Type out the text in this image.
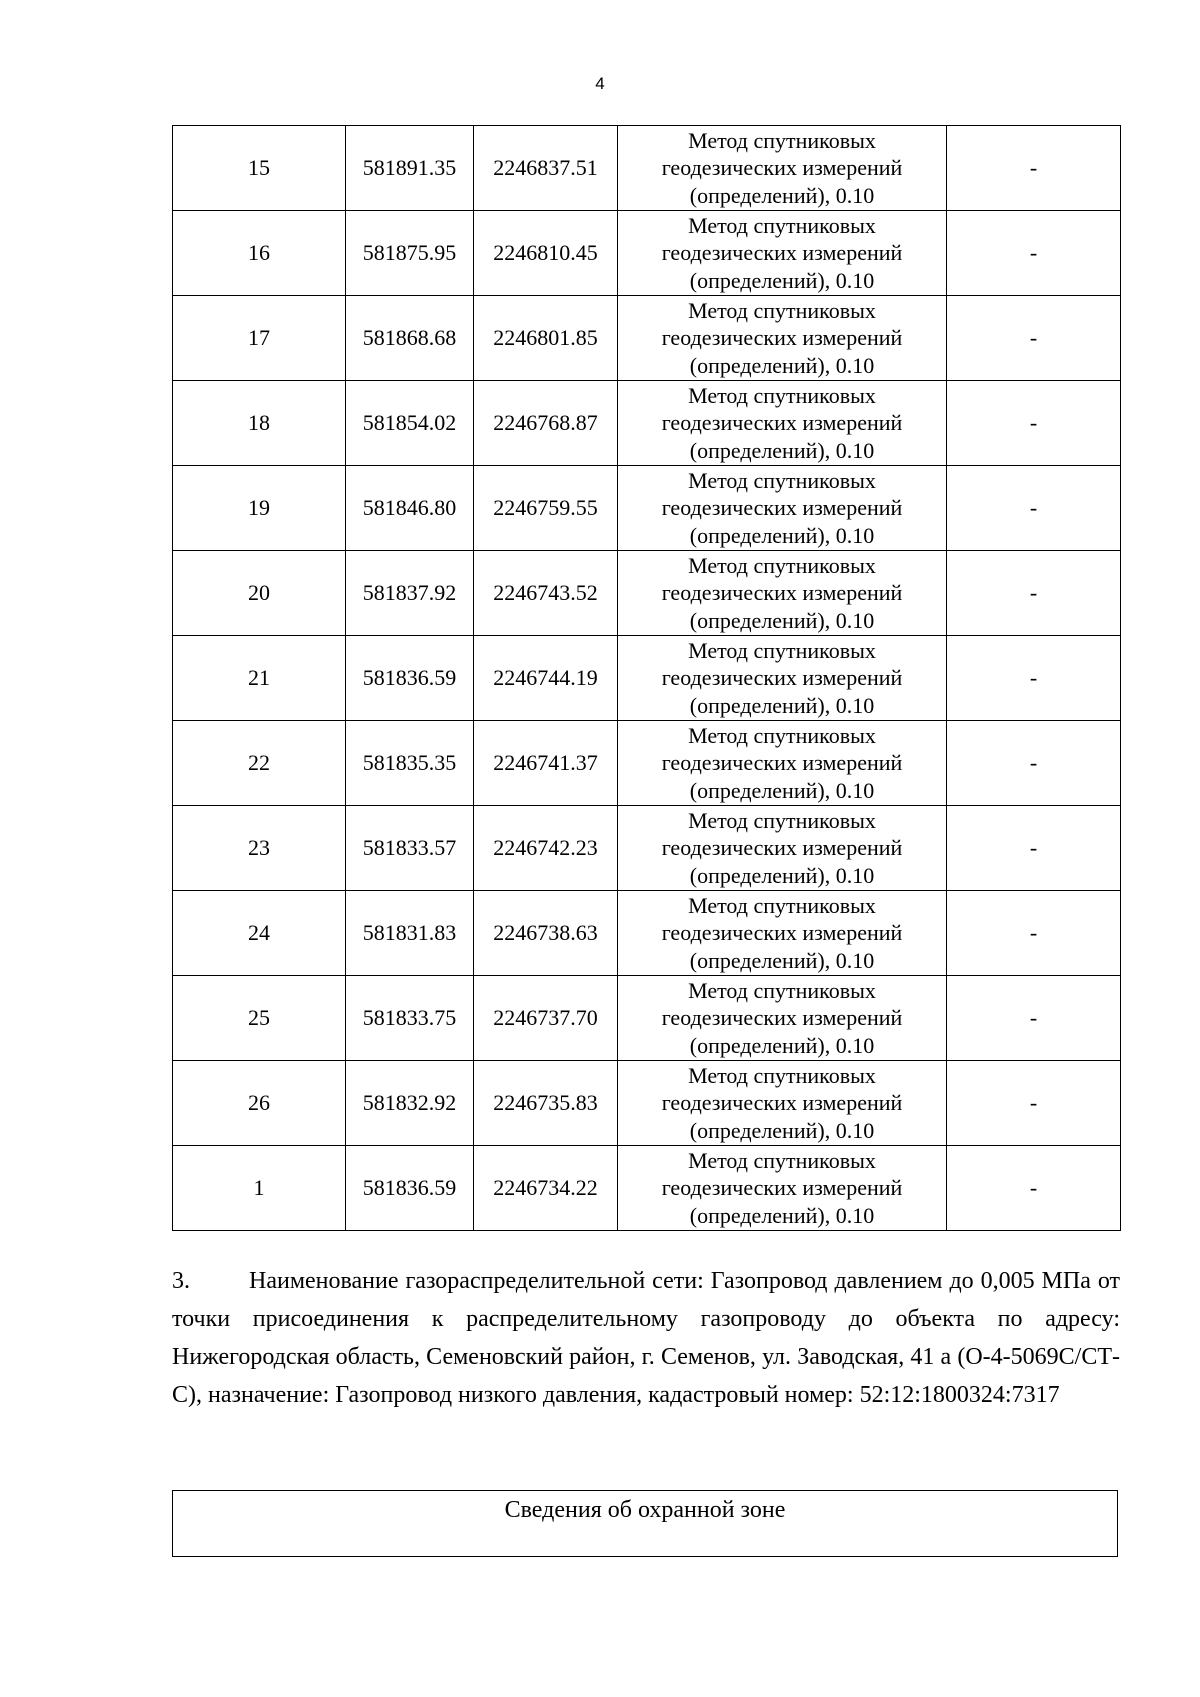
4
15	581891.35	2246837.51	Метод спутниковых
геодезических измерений
(определений), 0.10	-
16	581875.95	2246810.45	Метод спутниковых
геодезических измерений
(определений), 0.10	-
17	581868.68	2246801.85	Метод спутниковых
геодезических измерений
(определений), 0.10	-
18	581854.02	2246768.87	Метод спутниковых
геодезических измерений
(определений), 0.10	-
19	581846.80	2246759.55	Метод спутниковых
геодезических измерений
(определений), 0.10	-
20	581837.92	2246743.52	Метод спутниковых
геодезических измерений
(определений), 0.10	-
21	581836.59	2246744.19	Метод спутниковых
геодезических измерений
(определений), 0.10	-
22	581835.35	2246741.37	Метод спутниковых
геодезических измерений
(определений), 0.10	-
23	581833.57	2246742.23	Метод спутниковых
геодезических измерений
(определений), 0.10	-
24	581831.83	2246738.63	Метод спутниковых
геодезических измерений
(определений), 0.10	-
25	581833.75	2246737.70	Метод спутниковых
геодезических измерений
(определений), 0.10	-
26	581832.92	2246735.83	Метод спутниковых
геодезических измерений
(определений), 0.10	-
1	581836.59	2246734.22	Метод спутниковых
геодезических измерений
(определений), 0.10	-
3. Наименование газораспределительной сети: Газопровод давлением до 0,005 МПа от точки присоединения к распределительному газопроводу до объекта по адресу: Нижегородская область, Семеновский район, г. Семенов, ул. Заводская, 41 а (О-4-5069С/СТ-С), назначение: Газопровод низкого давления, кадастровый номер: 52:12:1800324:7317
Сведения об охранной зоне
